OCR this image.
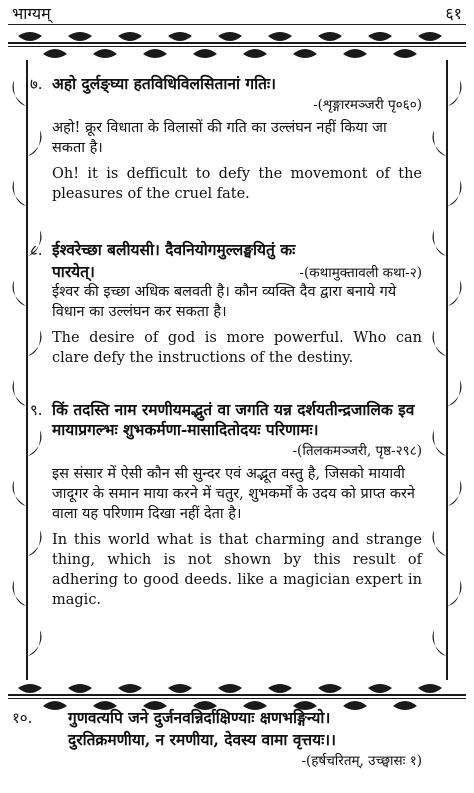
भाग्यम्	६१
७. अहो दुर्लङ्घ्या हतविधिविलसितानां गतिः।
-(शृङ्गारमञ्जरी पृ०६०)
अहो! क्रूर विधाता के विलासों की गति का उल्लंघन नहीं किया जा सकता है।
Oh! it is defficult to defy the movemont of the pleasures of the cruel fate.
८. ईश्वरेच्छा बलीयसी। दैवनियोगमुल्लङ्घयितुं कः
पारयेत्।	-(कथामुक्तावली कथा-२)
ईश्वर की इच्छा अधिक बलवती है। कौन व्यक्ति दैव द्वारा बनाये गये विधान का उल्लंघन कर सकता है।
The desire of god is more powerful. Who can clare defy the instructions of the destiny.
९. किं तदस्ति नाम रमणीयमद्भुतं वा जगति यन्न दर्शयतीन्द्रजालिक इव मायाप्रगल्भः शुभकर्मणा-मासादितोदयः परिणामः।
-(तिलकमञ्जरी, पृष्ठ-२९८)
इस संसार में ऐसी कौन सी सुन्दर एवं अद्भूत वस्तु है, जिसको मायावी जादूगर के समान माया करने में चतुर, शुभकर्मों के उदय को प्राप्त करने वाला यह परिणाम दिखा नहीं देता है।
In this world what is that charming and strange thing, which is not shown by this result of adhering to good deeds. like a magician expert in magic.
१०. गुणवत्यपि जने दुर्जनवन्निर्दाक्षिण्याः क्षणभङ्गिन्यो।
दुरतिक्रमणीया, न रमणीया, देवस्य वामा वृत्तयः।।
-(हर्षचरितम्, उच्छ्वासः १)
